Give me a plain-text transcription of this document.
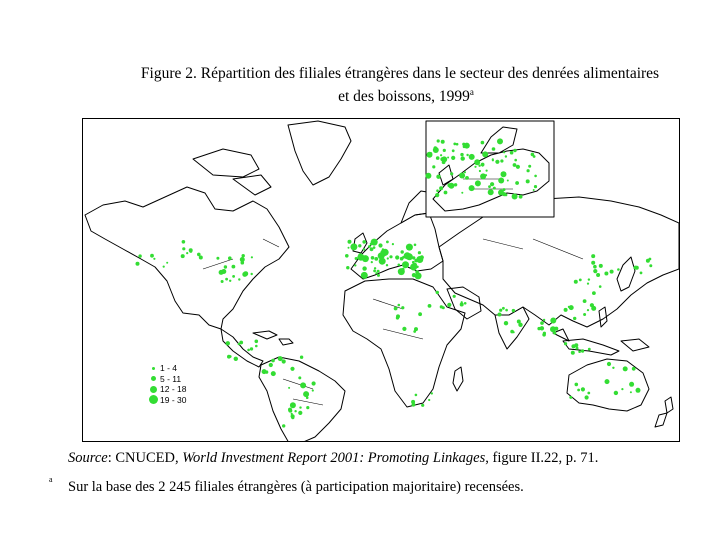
Figure 2. Répartition des filiales étrangères dans le secteur des denrées alimentaires
et des boissons, 1999$^a$
1 - 4
5 - 11
12 - 18
19 - 30
Source: CNUCED, World Investment Report 2001: Promoting Linkages, figure II.22, p. 71.
a Sur la base des 2 245 filiales étrangères (à participation majoritaire) recensées.
